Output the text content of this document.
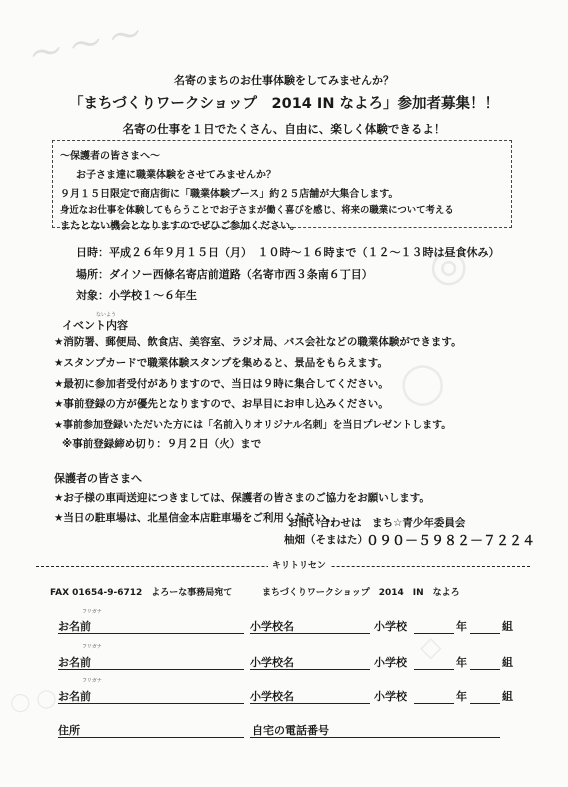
〜 〜 〜
◎
◯
◇
名寄のまちのお仕事体験をしてみませんか？
「まちづくりワークショップ　2014 IN なよろ」参加者募集！！
名寄の仕事を１日でたくさん、自由に、楽しく体験できるよ！
～保護者の皆さまへ～
お子さま達に職業体験をさせてみませんか？
９月１５日限定で商店街に「職業体験ブース」約２５店舗が大集合します。
身近なお仕事を体験してもらうことでお子さまが働く喜びを感じ、将来の職業について考える
またとない機会となりますのでぜひご参加ください。
日時：平成２６年９月１５日（月）　１０時～１６時まで（１２～１３時は昼食休み）
場所：ダイソー西條名寄店前道路（名寄市西３条南６丁目）
対象：小学校１～６年生
ないよう
イベント内容
★消防署、郵便局、飲食店、美容室、ラジオ局、バス会社などの職業体験ができます。
★スタンプカードで職業体験スタンプを集めると、景品をもらえます。
★最初に参加者受付がありますので、当日は９時に集合してください。
★事前登録の方が優先となりますので、お早目にお申し込みください。
★事前参加登録いただいた方には「名前入りオリジナル名刺」を当日プレゼントします。
※事前登録締め切り：９月２日（火）まで
保護者の皆さまへ
★お子様の車両送迎につきましては、保護者の皆さまのご協力をお願いします。
★当日の駐車場は、北星信金本店駐車場をご利用ください。
お問い合わせは　まち☆青少年委員会
柚畑（そまはた）
０９０－５９８２－７２２４
キリトリセン
FAX 01654-9-6712　よろーな事務局宛て	まちづくりワークショップ　2014　IN　なよろ
フリガナ
お名前	小学校名	小学校	年	組
フリガナ
お名前	小学校名	小学校	年	組
フリガナ
お名前	小学校名	小学校	年	組
住所	自宅の電話番号
◯ ◯
